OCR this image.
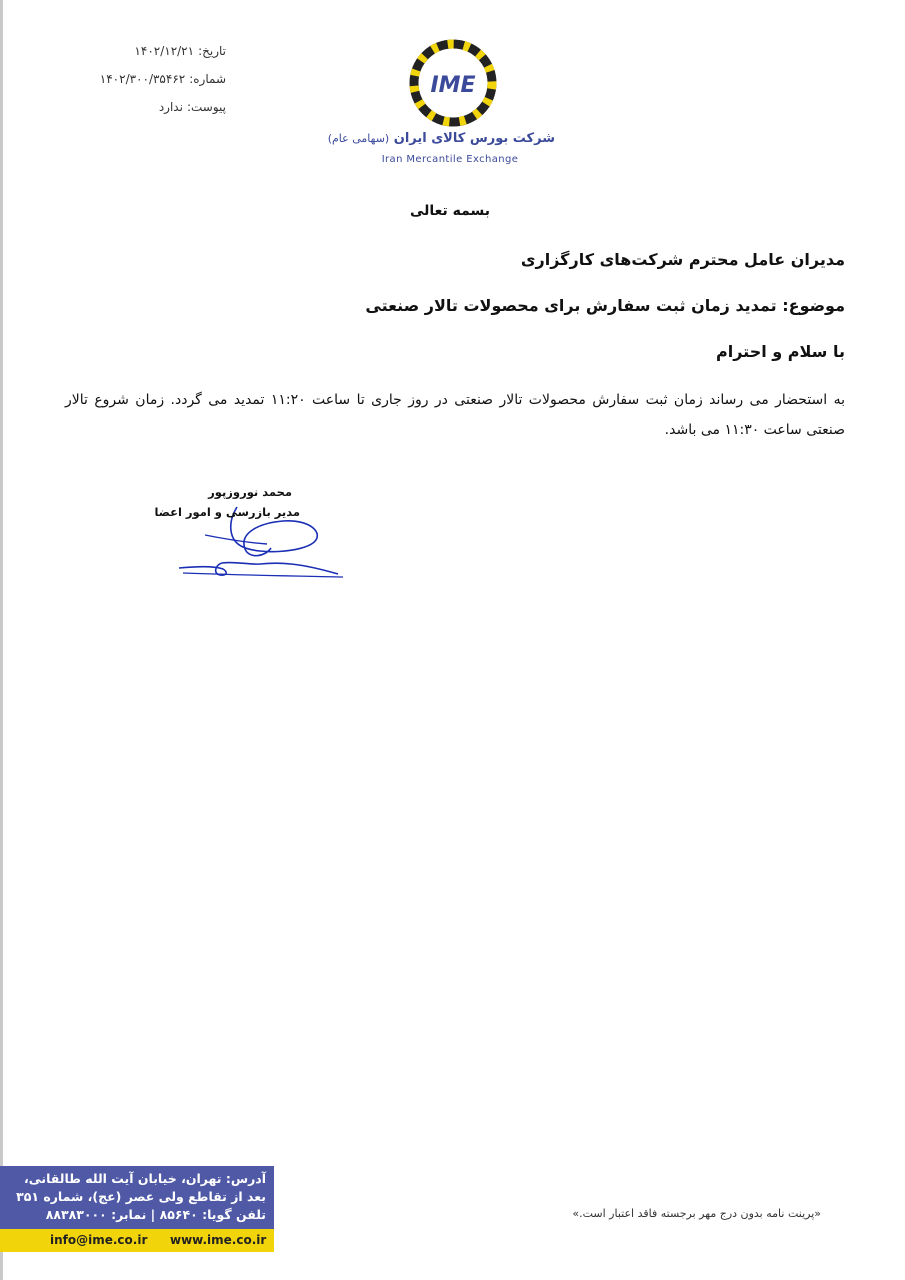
تاریخ:۱۴۰۲/۱۲/۲۱
شماره:۱۴۰۲/۳۰۰/۳۵۴۶۲
پیوست:ندارد
IME
شرکت بورس کالای ایران (سهامی عام)
Iran Mercantile Exchange
بسمه تعالی
مدیران عامل محترم شرکت‌های کارگزاری
موضوع: تمدید زمان ثبت سفارش برای محصولات تالار صنعتی
با سلام و احترام
به استحضار می رساند زمان ثبت سفارش محصولات تالار صنعتی در روز جاری تا ساعت ۱۱:۲۰ تمدید می گردد. زمان شروع تالار صنعتی ساعت ۱۱:۳۰ می باشد.
محمد نوروزپور
مدیر بازرسی و امور اعضا
آدرس: تهران، خیابان آیت الله طالقانی،
بعد از تقاطع ولی عصر (عج)، شماره ۳۵۱
تلفن گویا: ۸۵۶۴۰ | نمابر: ۸۸۳۸۳۰۰۰
info@ime.co.ir www.ime.co.ir
«پرینت نامه بدون درج مهر برجسته فاقد اعتبار است.»
